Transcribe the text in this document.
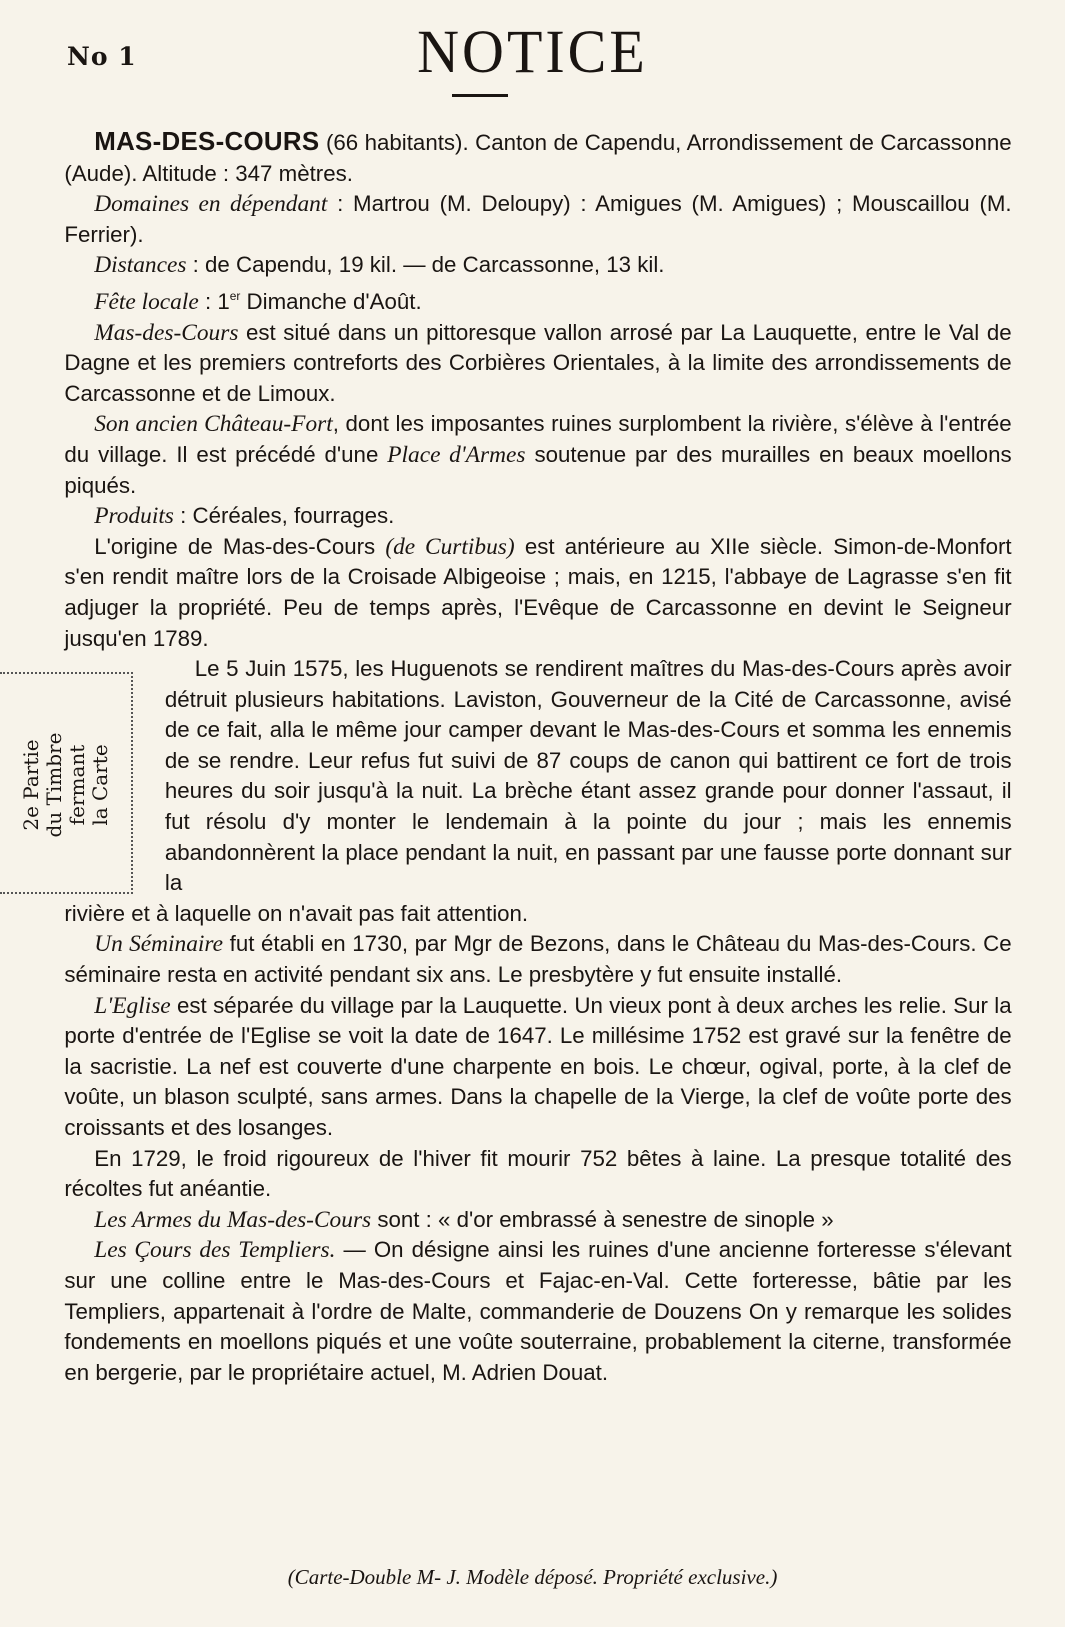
No 1	NOTICE
2e Partie du Timbre fermant la Carte

MAS-DES-COURS (66 habitants). Canton de Capendu, Arrondissement de Carcassonne (Aude). Altitude : 347 mètres.

Domaines en dépendant : Martrou (M. Deloupy) : Amigues (M. Amigues) ; Mouscaillou (M. Ferrier).

Distances : de Capendu, 19 kil. — de Carcassonne, 13 kil.

Fête locale : 1er Dimanche d'Août.

Mas-des-Cours est situé dans un pittoresque vallon arrosé par La Lauquette, entre le Val de Dagne et les premiers contreforts des Corbières Orientales, à la limite des arrondissements de Carcassonne et de Limoux.

Son ancien Château-Fort, dont les imposantes ruines surplombent la rivière, s'élève à l'entrée du village. Il est précédé d'une Place d'Armes soutenue par des murailles en beaux moellons piqués.

Produits : Céréales, fourrages.

L'origine de Mas-des-Cours (de Curtibus) est antérieure au XIIe siècle. Simon-de-Monfort s'en rendit maître lors de la Croisade Albigeoise ; mais, en 1215, l'abbaye de Lagrasse s'en fit adjuger la propriété. Peu de temps après, l'Evêque de Carcassonne en devint le Seigneur jusqu'en 1789.

Le 5 Juin 1575, les Huguenots se rendirent maîtres du Mas-des-Cours après avoir détruit plusieurs habitations. Laviston, Gouverneur de la Cité de Carcassonne, avisé de ce fait, alla le même jour camper devant le Mas-des-Cours et somma les ennemis de se rendre. Leur refus fut suivi de 87 coups de canon qui battirent ce fort de trois heures du soir jusqu'à la nuit. La brèche étant assez grande pour donner l'assaut, il fut résolu d'y monter le lendemain à la pointe du jour ; mais les ennemis abandonnèrent la place pendant la nuit, en passant par une fausse porte donnant sur la

rivière et à laquelle on n'avait pas fait attention.

Un Séminaire fut établi en 1730, par Mgr de Bezons, dans le Château du Mas-des-Cours. Ce séminaire resta en activité pendant six ans. Le presbytère y fut ensuite installé.

L'Eglise est séparée du village par la Lauquette. Un vieux pont à deux arches les relie. Sur la porte d'entrée de l'Eglise se voit la date de 1647. Le millésime 1752 est gravé sur la fenêtre de la sacristie. La nef est couverte d'une charpente en bois. Le chœur, ogival, porte, à la clef de voûte, un blason sculpté, sans armes. Dans la chapelle de la Vierge, la clef de voûte porte des croissants et des losanges.

En 1729, le froid rigoureux de l'hiver fit mourir 752 bêtes à laine. La presque totalité des récoltes fut anéantie.

Les Armes du Mas-des-Cours sont : « d'or embrassé à senestre de sinople »

Les Çours des Templiers. — On désigne ainsi les ruines d'une ancienne forteresse s'élevant sur une colline entre le Mas-des-Cours et Fajac-en-Val. Cette forteresse, bâtie par les Templiers, appartenait à l'ordre de Malte, commanderie de Douzens On y remarque les solides fondements en moellons piqués et une voûte souterraine, probablement la citerne, transformée en bergerie, par le propriétaire actuel, M. Adrien Douat.

(Carte-Double M- J. Modèle déposé. Propriété exclusive.)
